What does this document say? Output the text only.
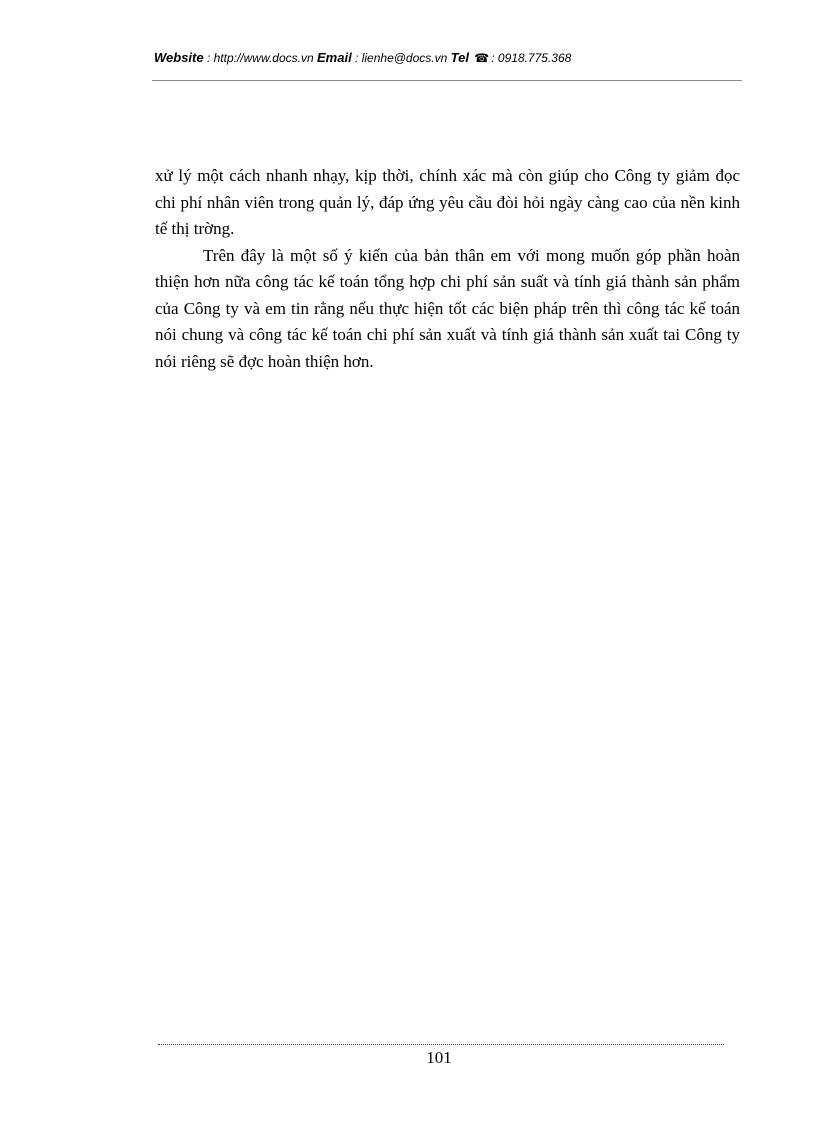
Website : http://www.docs.vn Email : lienhe@docs.vn Tel ☎ : 0918.775.368

xử lý một cách nhanh nhạy, kịp thời, chính xác mà còn giúp cho Công ty giảm đọc chi phí nhân viên trong quản lý, đáp ứng yêu cầu đòi hỏi ngày càng cao của nền kinh tế thị trờng.

Trên đây là một số ý kiến của bản thân em với mong muốn góp phần hoàn thiện hơn nữa công tác kế toán tổng hợp chi phí sản suất và tính giá thành sản phẩm của Công ty và em tin rằng nếu thực hiện tốt các biện pháp trên thì công tác kế toán nói chung và công tác kế toán chi phí sản xuất và tính giá thành sản xuất tai Công ty nói riêng sẽ đợc hoàn thiện hơn.

101
